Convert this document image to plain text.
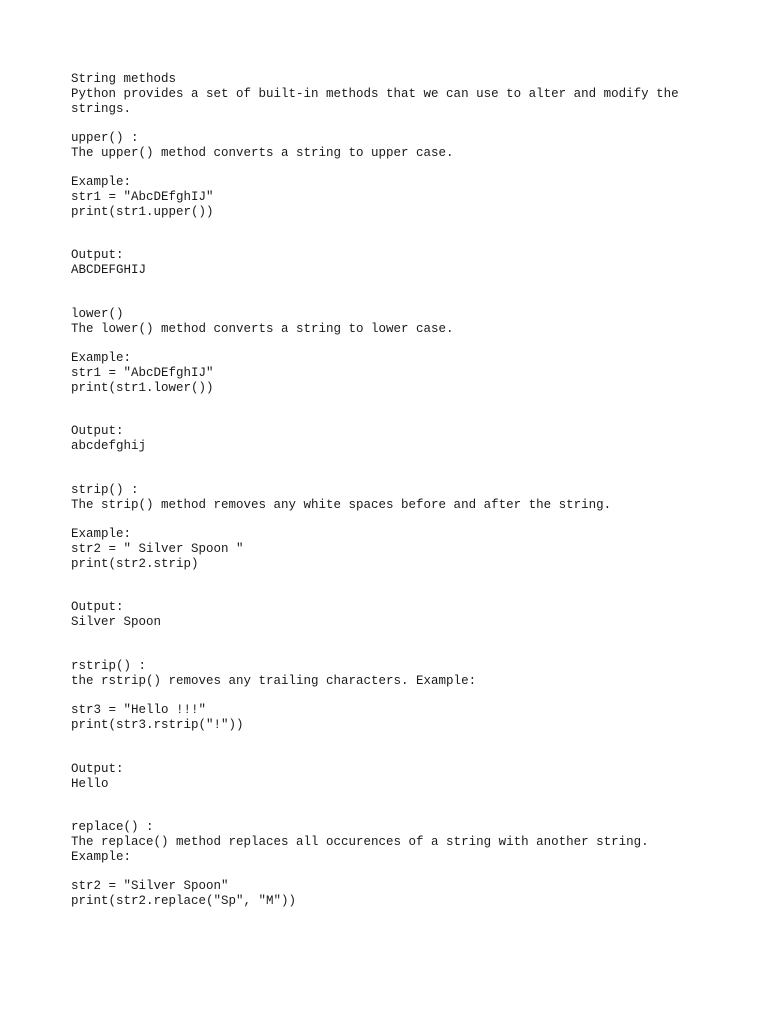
String methods

Python provides a set of built-in methods that we can use to alter and modify the

strings.

upper() :

The upper() method converts a string to upper case.

Example:

str1 = "AbcDEfghIJ"

print(str1.upper())

Output:

ABCDEFGHIJ

lower()

The lower() method converts a string to lower case.

Example:

str1 = "AbcDEfghIJ"

print(str1.lower())

Output:

abcdefghij

strip() :

The strip() method removes any white spaces before and after the string.

Example:

str2 = " Silver Spoon "

print(str2.strip)

Output:

Silver Spoon

rstrip() :

the rstrip() removes any trailing characters. Example:

str3 = "Hello !!!"

print(str3.rstrip("!"))

Output:

Hello

replace() :

The replace() method replaces all occurences of a string with another string.

Example:

str2 = "Silver Spoon"

print(str2.replace("Sp", "M"))
